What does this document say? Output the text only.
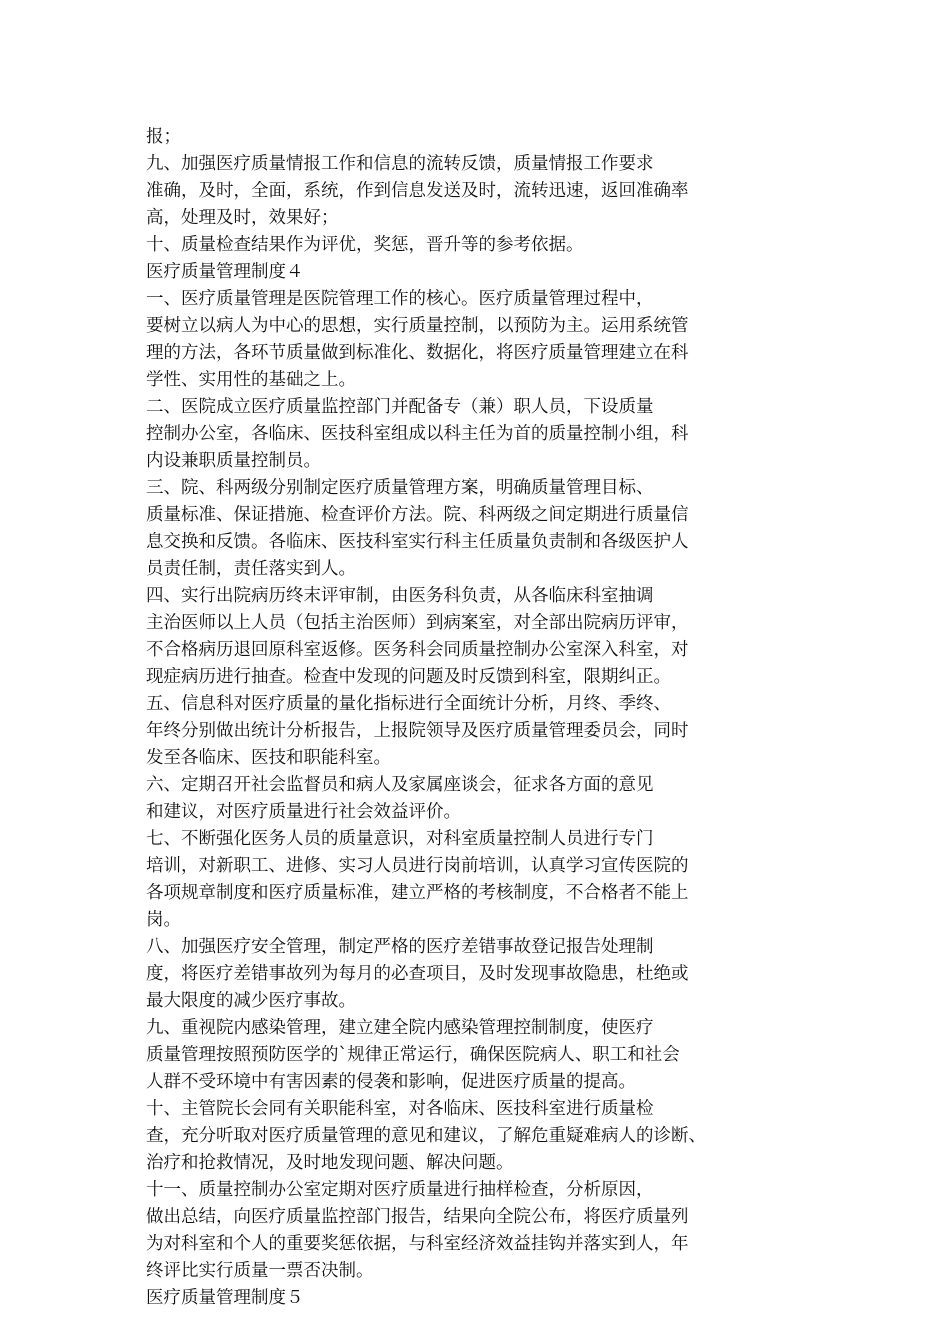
报；
九、加强医疗质量情报工作和信息的流转反馈，质量情报工作要求
准确，及时，全面，系统，作到信息发送及时，流转迅速，返回准确率
高，处理及时，效果好；
十、质量检查结果作为评优，奖惩，晋升等的参考依据。
医疗质量管理制度４
一、医疗质量管理是医院管理工作的核心。医疗质量管理过程中，
要树立以病人为中心的思想，实行质量控制，以预防为主。运用系统管
理的方法，各环节质量做到标准化、数据化，将医疗质量管理建立在科
学性、实用性的基础之上。
二、医院成立医疗质量监控部门并配备专（兼）职人员，下设质量
控制办公室，各临床、医技科室组成以科主任为首的质量控制小组，科
内设兼职质量控制员。
三、院、科两级分别制定医疗质量管理方案，明确质量管理目标、
质量标准、保证措施、检查评价方法。院、科两级之间定期进行质量信
息交换和反馈。各临床、医技科室实行科主任质量负责制和各级医护人
员责任制，责任落实到人。
四、实行出院病历终末评审制，由医务科负责，从各临床科室抽调
主治医师以上人员（包括主治医师）到病案室，对全部出院病历评审，
不合格病历退回原科室返修。医务科会同质量控制办公室深入科室，对
现症病历进行抽查。检查中发现的问题及时反馈到科室，限期纠正。
五、信息科对医疗质量的量化指标进行全面统计分析，月终、季终、
年终分别做出统计分析报告，上报院领导及医疗质量管理委员会，同时
发至各临床、医技和职能科室。
六、定期召开社会监督员和病人及家属座谈会，征求各方面的意见
和建议，对医疗质量进行社会效益评价。
七、不断强化医务人员的质量意识，对科室质量控制人员进行专门
培训，对新职工、进修、实习人员进行岗前培训，认真学习宣传医院的
各项规章制度和医疗质量标准，建立严格的考核制度，不合格者不能上
岗。
八、加强医疗安全管理，制定严格的医疗差错事故登记报告处理制
度，将医疗差错事故列为每月的必查项目，及时发现事故隐患，杜绝或
最大限度的减少医疗事故。
九、重视院内感染管理，建立建全院内感染管理控制制度，使医疗
质量管理按照预防医学的`规律正常运行，确保医院病人、职工和社会
人群不受环境中有害因素的侵袭和影响，促进医疗质量的提高。
十、主管院长会同有关职能科室，对各临床、医技科室进行质量检
查，充分听取对医疗质量管理的意见和建议，了解危重疑难病人的诊断、
治疗和抢救情况，及时地发现问题、解决问题。
十一、质量控制办公室定期对医疗质量进行抽样检查，分析原因，
做出总结，向医疗质量监控部门报告，结果向全院公布，将医疗质量列
为对科室和个人的重要奖惩依据，与科室经济效益挂钩并落实到人，年
终评比实行质量一票否决制。
医疗质量管理制度５
